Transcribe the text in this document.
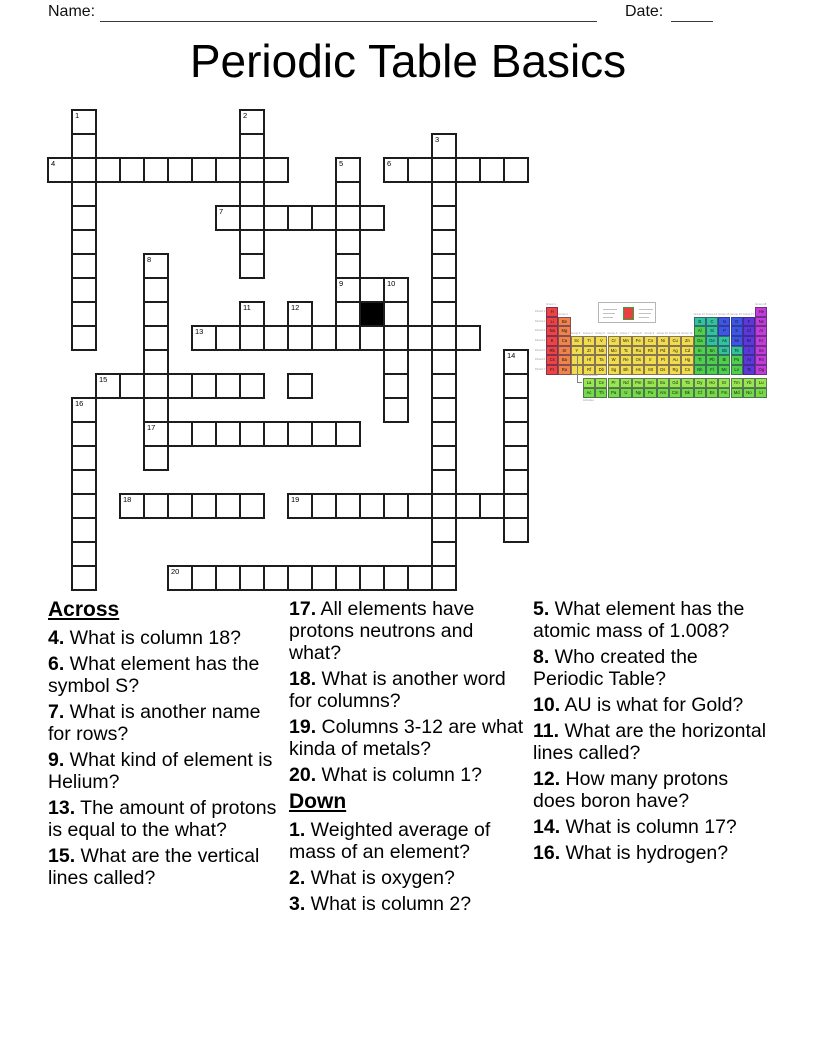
Name:	Date:
Periodic Table Basics
1	2
3
4	5	6
7
8
9	10
11	12
13
14
15
16
17
18	19
20
Period 1
Period 2
Period 3
Period 4
Period 5
Period 6
Period 7
Group 1
Group 2
Group 3 Group 4 Group 5 Group 6 Group 7 Group 8 Group 9 Group 10 Group 11 Group 12
Group 13 Group 14 Group 15 Group 16 Group 17
Group 18
H	He
Li	Be	B	C	N	O	F	Ne
Na	Mg	Al	Si	P	S	Cl	Ar
K	Ca	Sc	Ti	V	Cr	Mn	Fe	Co	Ni	Cu	Zn	Ga	Ge	As	Se	Br	Kr
Rb	Sr	Y	Zr	Nb	Mo	Tc	Ru	Rh	Pd	Ag	Cd	In	Sn	Sb	Te	I	Xe
Cs	Ba	Hf	Ta	W	Re	Os	Ir	Pt	Au	Hg	Tl	Pb	Bi	Po	At	Rn
Fr	Ra	Rf	Db	Sg	Bh	Hs	Mt	Ds	Rg	Cn	Nh	Fl	Mc	Lv	Ts	Og
La	Ce	Pr	Nd	Pm	Sm	Eu	Gd	Tb	Dy	Ho	Er	Tm	Yb	Lu
Ac	Th	Pa	U	Np	Pu	Am	Cm	Bk	Cf	Es	Fm	Md	No	Lr
Lanthanides
Actinides
Across

4. What is column 18?

6. What element has the symbol S?

7. What is another name for rows?

9. What kind of element is Helium?

13. The amount of protons is equal to the what?

15. What are the vertical lines called?

17. All elements have protons neutrons and what?

18. What is another word for columns?

19. Columns 3-12 are what kinda of metals?

20. What is column 1?

Down

1. Weighted average of mass of an element?

2. What is oxygen?

3. What is column 2?

5. What element has the atomic mass of 1.008?

8. Who created the Periodic Table?

10. AU is what for Gold?

11. What are the horizontal lines called?

12. How many protons does boron have?

14. What is column 17?

16. What is hydrogen?
